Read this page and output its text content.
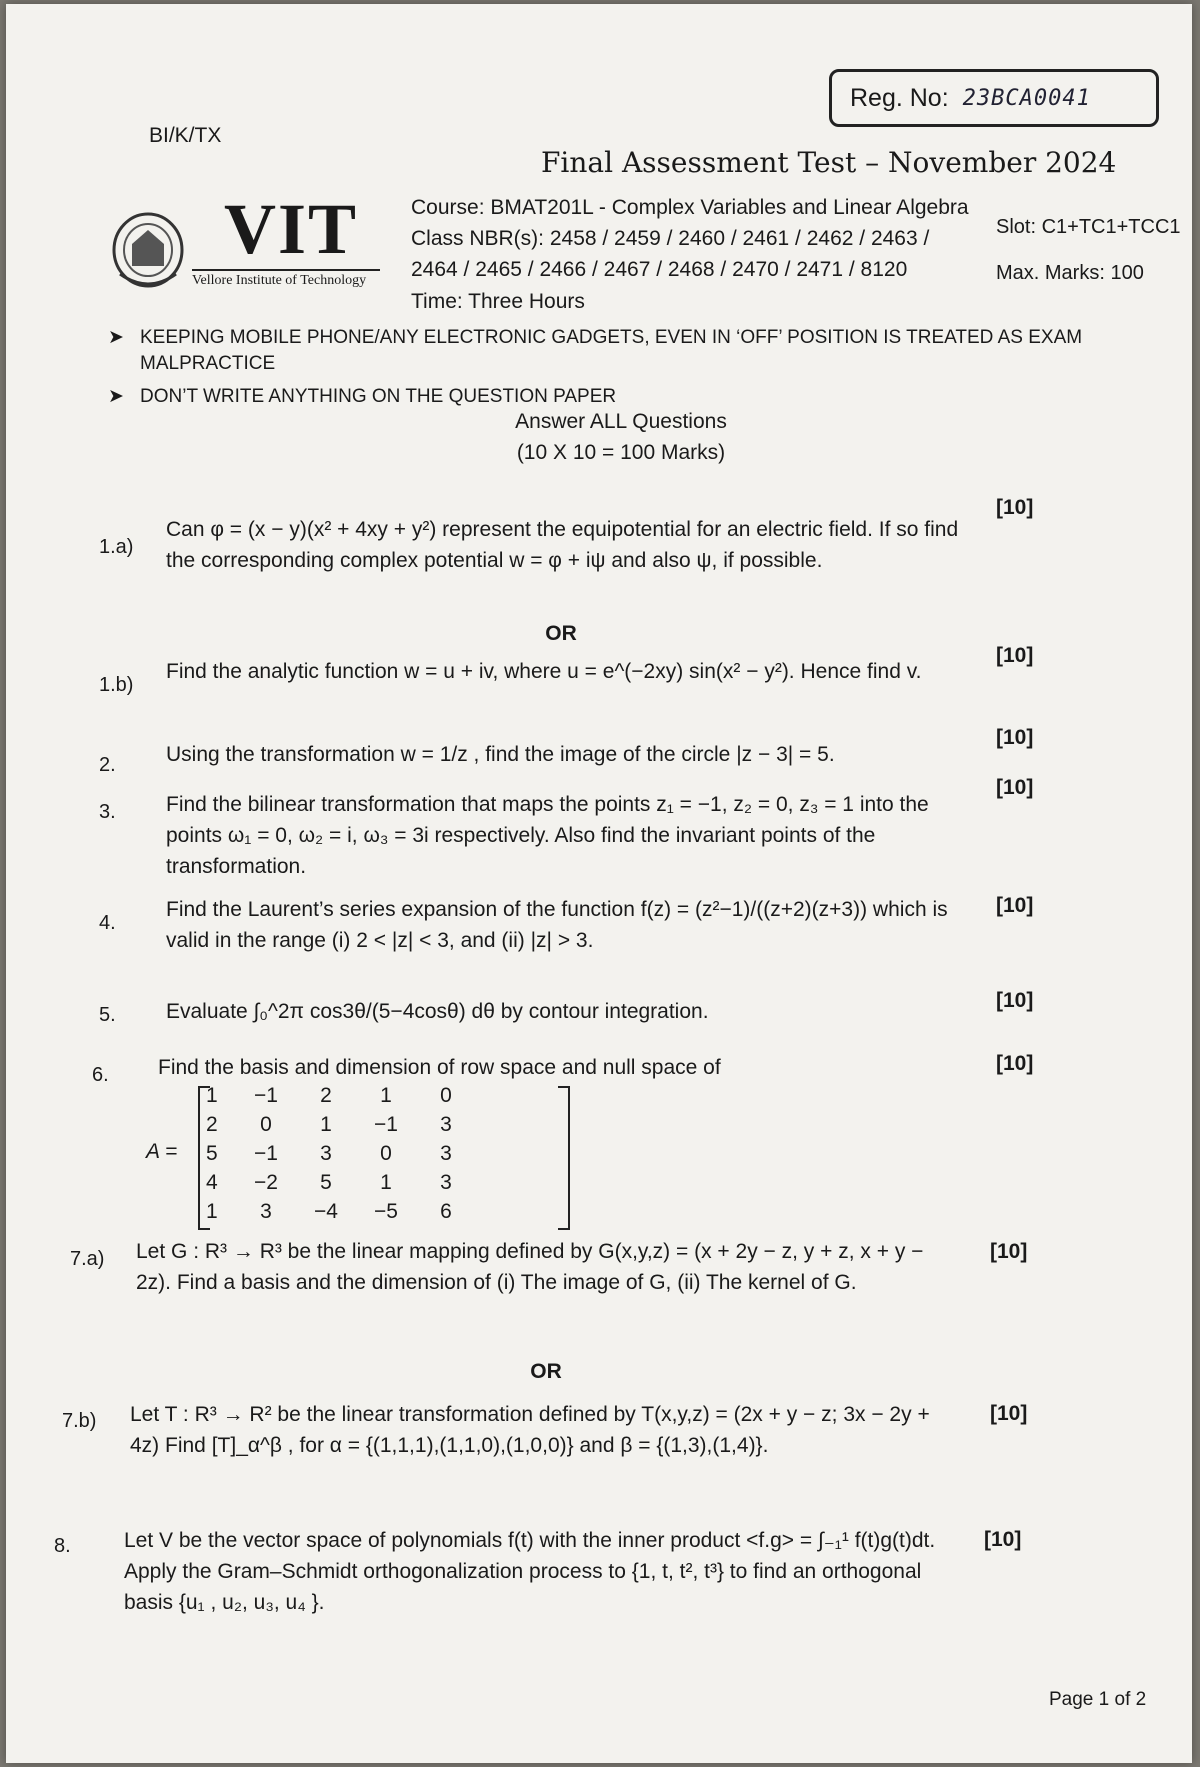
BI/K/TX
Reg. No: 23BCA0041
Final Assessment Test – November 2024
VIT
Vellore Institute of Technology
Course: BMAT201L - Complex Variables and Linear Algebra
Class NBR(s): 2458 / 2459 / 2460 / 2461 / 2462 / 2463 /
2464 / 2465 / 2466 / 2467 / 2468 / 2470 / 2471 / 8120
Time: Three Hours
Slot: C1+TC1+TCC1
Max. Marks: 100
➤ KEEPING MOBILE PHONE/ANY ELECTRONIC GADGETS, EVEN IN ‘OFF’ POSITION IS TREATED AS EXAM MALPRACTICE
➤ DON’T WRITE ANYTHING ON THE QUESTION PAPER
Answer ALL Questions
(10 X 10 = 100 Marks)
1.a)
Can φ = (x − y)(x² + 4xy + y²) represent the equipotential for an electric field. If so find the corresponding complex potential w = φ + iψ and also ψ, if possible.
[10]
OR
1.b)
Find the analytic function w = u + iv, where u = e^(−2xy) sin(x² − y²). Hence find v.
[10]
2. Using the transformation w = 1/z , find the image of the circle |z − 3| = 5.
[10]
3. Find the bilinear transformation that maps the points z₁ = −1, z₂ = 0, z₃ = 1 into the points ω₁ = 0, ω₂ = i, ω₃ = 3i respectively. Also find the invariant points of the transformation.
[10]
4.
Find the Laurent’s series expansion of the function f(z) = (z²−1)/((z+2)(z+3)) which is valid in the range (i) 2 < |z| < 3, and (ii) |z| > 3.
[10]
5. Evaluate ∫₀^2π cos3θ/(5−4cosθ) dθ by contour integration.	[10]
6. Find the basis and dimension of row space and null space of	[10]
A =
1	−1	2	1	0
2	0	1	−1	3
5	−1	3	0	3
4	−2	5	1	3
1	3	−4	−5	6
7.a) Let G : R³ → R³ be the linear mapping defined by G(x,y,z) = (x + 2y − z, y + z, x + y − 2z). Find a basis and the dimension of (i) The image of G, (ii) The kernel of G.
[10]
OR
7.b) Let T : R³ → R² be the linear transformation defined by T(x,y,z) = (2x + y − z; 3x − 2y + 4z) Find [T]_α^β , for α = {(1,1,1),(1,1,0),(1,0,0)} and β = {(1,3),(1,4)}.
[10]
8.	Let V be the vector space of polynomials f(t) with the inner product <f.g> = ∫₋₁¹ f(t)g(t)dt. Apply the Gram–Schmidt orthogonalization process to {1, t, t², t³} to find an orthogonal basis {u₁ , u₂, u₃, u₄ }.
[10]
Page 1 of 2
